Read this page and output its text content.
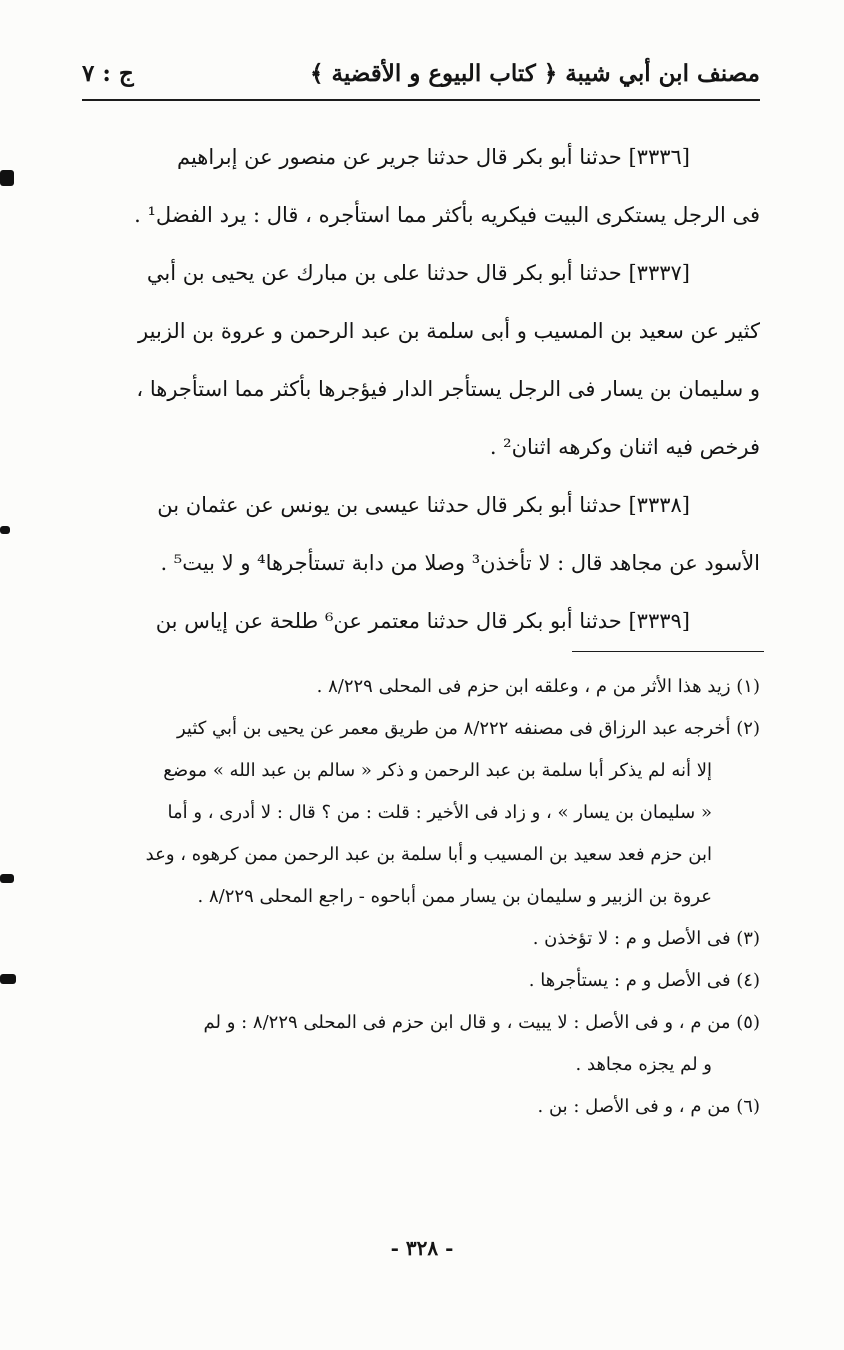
مصنف ابن أبي شيبة
﴿ كتاب البيوع و الأقضية ﴾
ج : ٧
[٣٣٣٦] حدثنا أبو بكر قال حدثنا جرير عن منصور عن إبراهيم
فى الرجل يستكرى البيت فيكريه بأكثر مما استأجره ، قال : يرد الفضل¹ .
[٣٣٣٧] حدثنا أبو بكر قال حدثنا على بن مبارك عن يحيى بن أبي
كثير عن سعيد بن المسيب و أبى سلمة بن عبد الرحمن و عروة بن الزبير
و سليمان بن يسار فى الرجل يستأجر الدار فيؤجرها بأكثر مما استأجرها ،
فرخص فيه اثنان وكرهه اثنان² .
[٣٣٣٨] حدثنا أبو بكر قال حدثنا عيسى بن يونس عن عثمان بن
الأسود عن مجاهد قال : لا تأخذن³ وصلا من دابة تستأجرها⁴ و لا بيت⁵ .
[٣٣٣٩] حدثنا أبو بكر قال حدثنا معتمر عن⁶ طلحة عن إياس بن
(١) زيد هذا الأثر من م ، وعلقه ابن حزم فى المحلى ٨/٢٢٩ .
(٢) أخرجه عبد الرزاق فى مصنفه ٨/٢٢٢ من طريق معمر عن يحيى بن أبي كثير
إلا أنه لم يذكر أبا سلمة بن عبد الرحمن و ذكر « سالم بن عبد الله » موضع
« سليمان بن يسار » ، و زاد فى الأخير : قلت : من ؟ قال : لا أدرى ، و أما
ابن حزم فعد سعيد بن المسيب و أبا سلمة بن عبد الرحمن ممن كرهوه ، وعد
عروة بن الزبير و سليمان بن يسار ممن أباحوه - راجع المحلى ٨/٢٢٩ .
(٣) فى الأصل و م : لا تؤخذن .
(٤) فى الأصل و م : يستأجرها .
(٥) من م ، و فى الأصل : لا يبيت ، و قال ابن حزم فى المحلى ٨/٢٢٩ : و لم
و لم يجزه مجاهد .
(٦) من م ، و فى الأصل : بن .
- ٣٢٨ -
